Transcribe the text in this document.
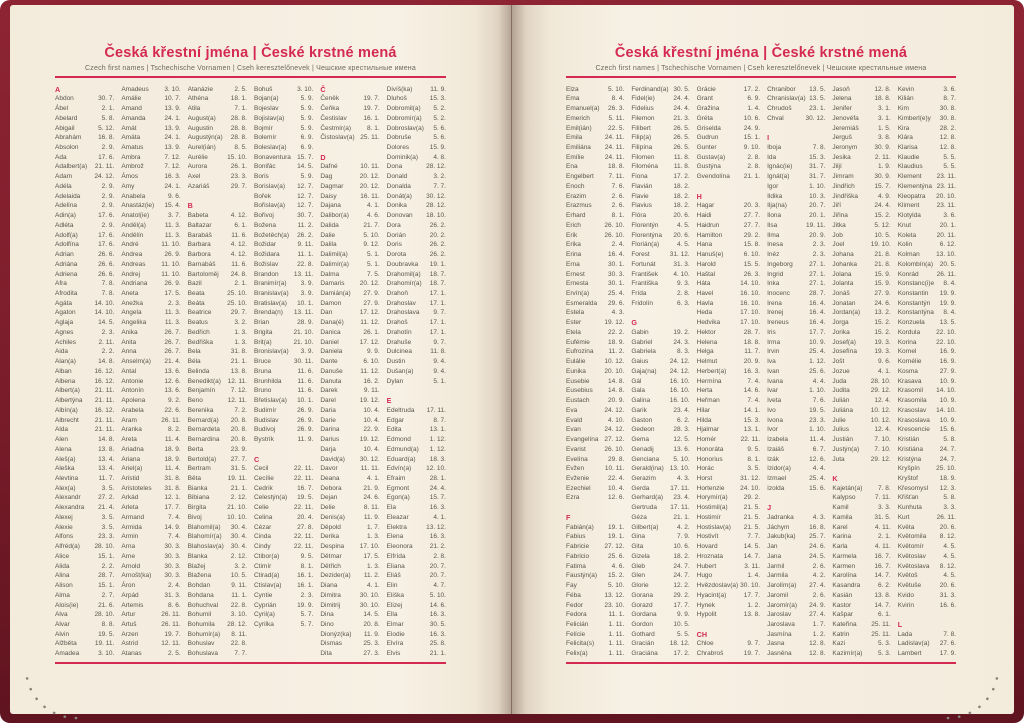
Česká křestní jména | České krstné mená
Czech first names | Tschechische Vornamen | Cseh keresztelőnevek | Чешские крестильные имена
A
Abdon	30. 7.
Ábel	2. 1.
Abelard	5. 8.
Abigail	5. 12.
Abrahám	16. 8.
Absolon	2. 9.
Ada	17. 6.
Adalbert(a)	21. 11.
Adam	24. 12.
Adéla	2. 9.
Adelaida	2. 9.
Adelína	2. 9.
Adin(a)	17. 6.
Adléta	2. 9.
Adolf(a)	17. 6.
Adolfína	17. 6.
Adrian	26. 6.
Adriána	26. 6.
Adriena	26. 6.
Afra	7. 8.
Afrodita	7. 8.
Agáta	14. 10.
Agaton	14. 10.
Aglaja	14. 5.
Agnes	2. 3.
Achiles	2. 11.
Aida	2. 2.
Alan(a)	14. 8.
Alban	16. 12.
Albena	16. 12.
Albert(a)	21. 11.
Albertýna	21. 11.
Albín(a)	16. 12.
Albrecht	21. 11.
Alda	21. 11.
Alen	14. 8.
Alena	13. 8.
Aleš(a)	13. 4.
Aleška	13. 4.
Alevtina	11. 7.
Alex(a)	3. 5.
Alexandr	27. 2.
Alexandra	21. 4.
Alexej	3. 5.
Alexie	3. 5.
Alfons	23. 3.
Alfréd(a)	28. 10.
Alice	15. 1.
Alida	2. 2.
Alina	28. 7.
Alison	15. 1.
Alma	2. 7.
Alois(ie)	21. 6.
Alva	28. 10.
Alvar	8. 8.
Alvin	19. 5.
Alžběta	19. 11.
Amadea	3. 10.
Amadeus	3. 10.
Amálie	10. 7.
Amand	13. 9.
Amanda	24. 1.
Amát	13. 9.
Amáta	24. 1.
Amatus	13. 9.
Ambra	7. 12.
Ambrož	7. 12.
Ámos	16. 3.
Amy	24. 1.
Anabela	9. 6.
Anastáz(ie)	15. 4.
Anatol(ie)	3. 7.
Anděl(a)	11. 3.
Andělín	11. 3.
André	11. 10.
Andrea	26. 9.
Andreas	11. 10.
Andrej	11. 10.
Andriana	26. 9.
Aneta	17. 5.
Anežka	2. 3.
Angela	11. 3.
Angelika	11. 3.
Anika	26. 7.
Anita	26. 7.
Anna	26. 7.
Anselm(a)	21. 4.
Antal	13. 6.
Antonie	12. 6.
Antonín	13. 6.
Apolena	9. 2.
Arabela	22. 6.
Aram	26. 11.
Aranka	8. 2.
Areta	11. 4.
Ariadna	18. 9.
Ariana	18. 9.
Ariel(a)	11. 4.
Aristid	31. 8.
Aristoteles	31. 8.
Arkád	12. 1.
Arleta	17. 7.
Armand	7. 4.
Armida	14. 9.
Armin	7. 4.
Arna	30. 3.
Arne	30. 3.
Arnold	30. 3.
Arnošt(ka)	30. 3.
Áron	2. 4.
Arpád	31. 3.
Artemis	8. 6.
Artur	26. 11.
Artuš	26. 11.
Arzen	19. 7.
Astrid	12. 11.
Atanas	2. 5.
Atanázie	2. 5.
Athéna	18. 1.
Atila	7. 1.
August(a)	28. 8.
Augustin	28. 8.
Augustýn(a)	28. 8.
Aurel(ián)	8. 5.
Aurélie	15. 10.
Aurora	26. 1.
Axel	23. 3.
Azariáš	29. 7.
B
Babeta	4. 12.
Baltazar	6. 1.
Barabáš	11. 6.
Barbara	4. 12.
Barbora	4. 12.
Barnabáš	11. 6.
Bartoloměj	24. 8.
Bazil	2. 1.
Beata	25. 10.
Beáta	25. 10.
Beatrice	29. 7.
Beatus	3. 2.
Bedřich	1. 3.
Bedřiška	1. 3.
Bela	31. 8.
Béla	21. 1.
Belinda	13. 8.
Benedikt(a)	12. 11.
Benjamín	7. 12.
Beno	12. 11.
Berenika	7. 2.
Bernard(a)	20. 8.
Bernardeta	20. 8.
Bernardina	20. 8.
Berta	23. 9.
Bertold(a)	27. 7.
Bertram	31. 5.
Běta	19. 11.
Bianka	21. 1.
Bibiana	2. 12.
Birgita	21. 10.
Bivoj	10. 10.
Blahomil(a)	30. 4.
Blahomír(a)	30. 4.
Blahoslav(a)	30. 4.
Blanka	2. 12.
Blažej	3. 2.
Blažena	10. 5.
Bohdan	9. 11.
Bohdana	11. 1.
Bohuchval	22. 8.
Bohumil	3. 10.
Bohumila	28. 12.
Bohumír(a)	8. 11.
Bohuslav	22. 8.
Bohuslava	7. 7.
Bohuš	3. 10.
Bojan(a)	5. 9.
Bojeslav	5. 9.
Bojislav(a)	5. 9.
Bojmír	5. 9.
Bolemír	6. 9.
Boleslav(a)	6. 9.
Bonaventura 15. 7.
Bonifác	14. 5.
Boris	5. 9.
Borislav(a)	12. 7.
Bořek	12. 7.
Bořislav(a)	12. 7.
Bořivoj	30. 7.
Božena	11. 2.
Božetěch(a)	26. 2.
Božidar	9. 11.
Božidara	11. 1.
Božislav	22. 8.
Brandon	13. 11.
Branimír(a)	3. 9.
Branislav(a)	3. 9.
Bratislav(a)	10. 1.
Brenda(n)	13. 11.
Brian	28. 9.
Brigita	21. 10.
Brit(a)	21. 10.
Bronislav(a)	3. 9.
Bruce	30. 11.
Bruna	11. 6.
Brunhilda	11. 6.
Bruno	11. 6.
Břetislav(a)	10. 1.
Budimír	26. 9.
Budislav	26. 9.
Budivoj	26. 9.
Bystrík	11. 9.
C
Cecil	22. 11.
Cecílie	22. 11.
Cedrik	16. 7.
Celestýn(a)	19. 5.
Celie	22. 11.
Celina	20. 4.
Cézar	27. 8.
Cinda	22. 11.
Cindy	22. 11.
Ctibor(a)	9. 5.
Ctimír	8. 1.
Ctirad(a)	16. 1.
Ctislav(a)	16. 1.
Cyntie	2. 3.
Cyprián	19. 9.
Cyril(a)	5. 7.
Cyrilka	5. 7.
Č
Čeněk	19. 7.
Čeňka	19. 7.
Čestislav	16. 1.
Čestmír(a)	8. 1.
Čistoslav(a) 25. 11.
D
Dafné	10. 11.
Dag	20. 12.
Dagmar	20. 12.
Daisy	16. 11.
Dajana	4. 1.
Dalibor(a)	4. 6.
Dalida	21. 7.
Dalie	5. 10.
Dalila	9. 12.
Dalimil(a)	5. 1.
Dalimír(a)	5. 1.
Dalma	7. 5.
Damaris	20. 12.
Damián(a)	27. 9.
Damon	27. 9.
Dan	17. 12.
Dana(é)	11. 12.
Danica	26. 1.
Daniel	17. 12.
Daniela	9. 9.
Dante	6. 10.
Danuše	11. 12.
Danuta	16. 2.
Darek	9. 11.
Darel	19. 12.
Daria	10. 4.
Darie	10. 4.
Darina	22. 9.
Darius	19. 12.
Darja	10. 4.
David(a)	30. 12.
Davor	11. 11.
Deana	4. 1.
Debora	21. 9.
Dejan	24. 6.
Delie	8. 11.
Denis(a)	11. 9.
Děpold	1. 7.
Derika	1. 3.
Despina	17. 10.
Dětmar	17. 5.
Dětřich	1. 3.
Dezider(a)	11. 2.
Diana	4. 1.
Dimitra	30. 10.
Dimitrij	30. 10.
Dina	14. 5.
Dino	20. 8.
Dionýz(ka)	11. 9.
Dismas	25. 3.
Dita	27. 3.
Divíš(ka)	11. 9.
Dluhoš	15. 3.
Dobromil(a)	5. 2.
Dobromír(a)	5. 2.
Dobroslav(a)	5. 6.
Dobruše	5. 6.
Dolores	15. 9.
Dominik(a)	4. 8.
Dona	28. 12.
Donald	3. 2.
Donalda	7. 7.
Donát(a)	30. 12.
Donika	28. 12.
Donovan	18. 10.
Dora	26. 2.
Dorián	20. 2.
Doris	26. 2.
Dorota	26. 2.
Doubravka	19. 1.
Drahomil(a)	18. 7.
Drahomír(a)	18. 7.
Drahoň	17. 1.
Drahoslav	17. 1.
Drahoslava	9. 7.
Drahoš	17. 1.
Drahotín	17. 1.
Drahuše	9. 7.
Dulcinea	11. 8.
Dustin	9. 4.
Dušan(a)	9. 4.
Dylan	5. 1.
E
Edeltruda	17. 11.
Edgar	8. 7.
Edita	13. 1.
Edmond	1. 12.
Edmund(a)	1. 12.
Eduard(a)	18. 3.
Edvín(a)	12. 10.
Efraim	28. 1.
Egmont	24. 4.
Egon(a)	15. 7.
Ela	16. 3.
Eleazar	4. 1.
Elektra	13. 12.
Elena	16. 3.
Eleonora	21. 2.
Elfrída	2. 8.
Eliana	20. 7.
Eliáš	20. 7.
Elin	4. 7.
Eliška	5. 10.
Elizej	14. 6.
Ella	16. 3.
Elmar	30. 5.
Elodie	16. 3.
Elvíra	25. 8.
Elvis	21. 1.
Česká křestní jména | České krstné mená
Czech first names | Tschechische Vornamen | Cseh keresztelőnevek | Чешские крестильные имена
Elza	5. 10.
Ema	8. 4.
Emanuel(a)	26. 3.
Emerich	5. 11.
Emil(ián)	22. 5.
Emila	24. 11.
Emiliána	24. 11.
Emílie	24. 11.
Ena	18. 8.
Engelbert	7. 11.
Enoch	7. 6.
Erazim	2. 6.
Erazmus	2. 6.
Erhard	8. 1.
Erich	26. 10.
Erik	26. 10.
Erika	2. 4.
Erina	16. 4.
Erna	30. 1.
Ernest	30. 3.
Ernesta	30. 1.
Ervín(a)	25. 4.
Esmeralda	29. 6.
Estela	4. 3.
Ester	19. 12.
Etela	22. 2.
Eufémie	18. 9.
Eufrozina	11. 2.
Eulálie	10. 12.
Eunika	20. 10.
Eusebie	14. 8.
Eusebius	14. 8.
Eustach	20. 9.
Eva	24. 12.
Evald	4. 10.
Evan	24. 12.
Evangelína 27. 12.
Evarist	26. 10.
Evelína	29. 8.
Evžen	10. 11.
Evženie	22. 4.
Ezechiel	10. 4.
Ezra	12. 6.
F
Fabián(a)	19. 1.
Fabius	19. 1.
Fabricie	27. 12.
Fabricio	25. 6.
Fatima	4. 6.
Faustýn(a)	15. 2.
Fay	5. 10.
Féba	13. 12.
Fedor	23. 10.
Fedora	11. 1.
Felicián	1. 11.
Felície	1. 11.
Felicita(s)	1. 11.
Felix(a)	1. 11.
Ferdinand(a) 30. 5.
Fidel(ie)	24. 4.
Fidelius	24. 4.
Filemon	21. 3.
Filibert	26. 5.
Filip(a)	26. 5.
Filipína	26. 5.
Filomen	11. 8.
Filoména	11. 8.
Fiona	17. 2.
Flavián	18. 2.
Flavie	18. 2.
Flavius	18. 2.
Flóra	20. 6.
Florentýn	4. 5.
Florentýna	20. 6.
Florián(a)	4. 5.
Forest	31. 12.
Fortunát	31. 3.
František	4. 10.
Františka	9. 3.
Frída	2. 8.
Fridolín	6. 3.
G
Gabin	19. 2.
Gabriel	24. 3.
Gabriela	8. 3.
Gaius	24. 12.
Gaja(na)	24. 12.
Gál	16. 10.
Gala	16. 10.
Galina	16. 10.
Garik	23. 4.
Gaston	6. 2.
Gedeon	28. 3.
Gema	12. 5.
Genadij	13. 6.
Genciana	5. 10.
Gerald(ina) 13. 10.
Gerazim	4. 3.
Gerda	17. 11.
Gerhard(a)	23. 4.
Gertruda	17. 11.
Géza	21. 1.
Gilbert(a)	4. 2.
Gina	7. 9.
Gita	10. 6.
Gizela	18. 2.
Gleb	24. 7.
Glen	24. 7.
Glorie	12. 2.
Gorana	29. 2.
Gorazd	17. 7.
Gordana	9. 9.
Gordon	10. 5.
Gothard	5. 5.
Gracián	18. 12.
Graciána	17. 2.
Grácie	17. 2.
Grant	6. 9.
Gražina	1. 4.
Gréta	10. 6.
Griselda	24. 9.
Gudrun	15. 1.
Gunter	9. 10.
Gustav(a)	2. 8.
Gustýna	2. 8.
Gvendolína	21. 1.
H
Hagar	20. 3.
Haidi	27. 7.
Haidrun	27. 7.
Hamilton	29. 2.
Hana	15. 8.
Hanuš(e)	6. 10.
Harold	15. 5.
Haštal	26. 3.
Háta	14. 10.
Havel	16. 10.
Havla	16. 10.
Heda	17. 10.
Hedvika	17. 10.
Hektor	28. 7.
Helena	18. 8.
Helga	11. 7.
Helmut	20. 9.
Herbert(a)	16. 3.
Hermína	7. 4.
Herta	14. 6.
Heřman	7. 4.
Hilar	14. 1.
Hilda	15. 3.
Hjalmar	13. 1.
Homér	22. 11.
Honoráta	9. 5.
Honorius	8. 1.
Horác	3. 5.
Horst	31. 12.
Hortenzie	24. 10.
Horymír(a)	29. 2.
Hostimil(a)	21. 5.
Hostimír	21. 5.
Hostislav(a)	21. 5.
Hostivít	7. 7.
Hovard	14. 5.
Hroznata	14. 7.
Hubert	3. 11.
Hugo	1. 4.
Hvězdoslav(a) 30. 10.
Hyacint(a)	17. 7.
Hynek	1. 2.
Hypolit	13. 8.
CH
Chloe	9. 7.
Chrabroš	19. 7.
Chranibor	13. 5.
Chranislav(a) 13. 5.
Chrudoš	23. 1.
Chval	30. 12.
I
Iboja	7. 8.
Ida	15. 3.
Ignác(ie)	31. 7.
Ignát(a)	31. 7.
Igor	1. 10.
Ildika	10. 3.
Ilja(na)	20. 7.
Ilona	20. 1.
Ilsa	19. 11.
Ilma	20. 9.
Inesa	2. 3.
Inéz	2. 3.
Ingeborg	27. 1.
Ingrid	27. 1.
Inka	27. 1.
Inocenc	28. 7.
Irena	16. 4.
Irenej	16. 4.
Ireneus	16. 4.
Iris	17. 7.
Irma	10. 9.
Irvin	25. 4.
Iva	1. 12.
Ivan	25. 6.
Ivana	4. 4.
Ivar	1. 10.
Iveta	7. 6.
Ivo	19. 5.
Ivona	23. 3.
Ivor	1. 10.
Izabela	11. 4.
Izaiáš	6. 7.
Izák	12. 6.
Izidor(a)	4. 4.
Izmael	25. 4.
Izolda	15. 6.
J
Jadranka	4. 3.
Jáchym	16. 8.
Jakub(ka)	25. 7.
Jan	24. 6.
Jana	24. 5.
Jarmil	2. 6.
Jarmila	4. 2.
Jarolím(a)	27. 4.
Jaromil	2. 6.
Jaromír(a)	24. 9.
Jaroslav	27. 4.
Jaroslava	1. 7.
Jasmína	1. 2.
Jasna	12. 8.
Jasněna	12. 8.
Jasoň	12. 8.
Jelena	18. 8.
Jenifer	3. 1.
Jenovéfa	3. 1.
Jeremiáš	1. 5.
Jerguš	3. 8.
Jeronym	30. 9.
Jesika	2. 11.
Jiljí	1. 9.
Jimram	30. 9.
Jindřich	15. 7.
Jindřiška	4. 9.
Jiří	24. 4.
Jiřina	15. 2.
Jitka	5. 12.
Job	10. 5.
Joel	19. 10.
Johana	21. 8.
Johanka	21. 8.
Jolana	15. 9.
Jolanta	15. 9.
Jonáš	27. 9.
Jonatan	24. 6.
Jordan(a)	13. 2.
Jorga	15. 2.
Jorika	15. 2.
Josef(a)	19. 3.
Josefína	19. 3.
Jošt	9. 6.
Jozue	4. 1.
Juda	28. 10.
Judita	29. 12.
Julián	12. 4.
Juliána	10. 12.
Julie	10. 12.
Julius	12. 4.
Justián	7. 10.
Justýn(a)	7. 10.
Juta	29. 12.
K
Kajetán(a)	7. 8.
Kalypso	7. 11.
Kamil	3. 3.
Kamila	31. 5.
Karel	4. 11.
Karina	2. 1.
Karla	4. 11.
Karmela	16. 7.
Karmen	16. 7.
Karolína	14. 7.
Kasandra	6. 2.
Kasián	13. 8.
Kastor	14. 7.
Kašpar	6. 1.
Kateřina	25. 11.
Katrin	25. 11.
Kazi	5. 3.
Kazimír(a)	5. 3.
Kevin	3. 6.
Kilián	8. 7.
Kim	30. 8.
Kimberl(e)y	30. 8.
Kira	28. 2.
Klára	12. 8.
Klarisa	12. 8.
Klaudie	5. 5.
Klaudius	5. 5.
Klement	23. 11.
Klementýna 23. 11.
Kleopatra	20. 10.
Kliment	23. 11.
Klotylda	3. 6.
Knut	20. 1.
Koleta	20. 11.
Kolin	6. 12.
Kolman	13. 10.
Kolombín(a)	20. 5.
Konrád	26. 11.
Konstanc(i)e	8. 4.
Konstantin	19. 9.
Konstantýn	19. 9.
Konstantýna	8. 4.
Konzuela	13. 5.
Kordula	22. 10.
Korina	22. 10.
Kornel	16. 9.
Kornélie	16. 9.
Kosma	27. 9.
Krasava	10. 9.
Krasomil	14. 10.
Krasomila	10. 9.
Krasoslav	14. 10.
Krasoslava	10. 9.
Krescencie	15. 6.
Kristián	5. 8.
Kristiána	24. 7.
Kristýna	24. 7.
Kryšpín	25. 10.
Kryštof	18. 9.
Křesomysl	12. 3.
Křišťan	5. 8.
Kunhuta	3. 3.
Kurt	26. 11.
Květa	20. 6.
Květomila	8. 12.
Květomír	4. 5.
Květoslav	4. 5.
Květoslava	8. 12.
Květoš	4. 5.
Květuše	20. 6.
Kvido	31. 3.
Kvirin	16. 6.
L
Lada	7. 8.
Ladislav(a)	27. 6.
Lambert	17. 9.
